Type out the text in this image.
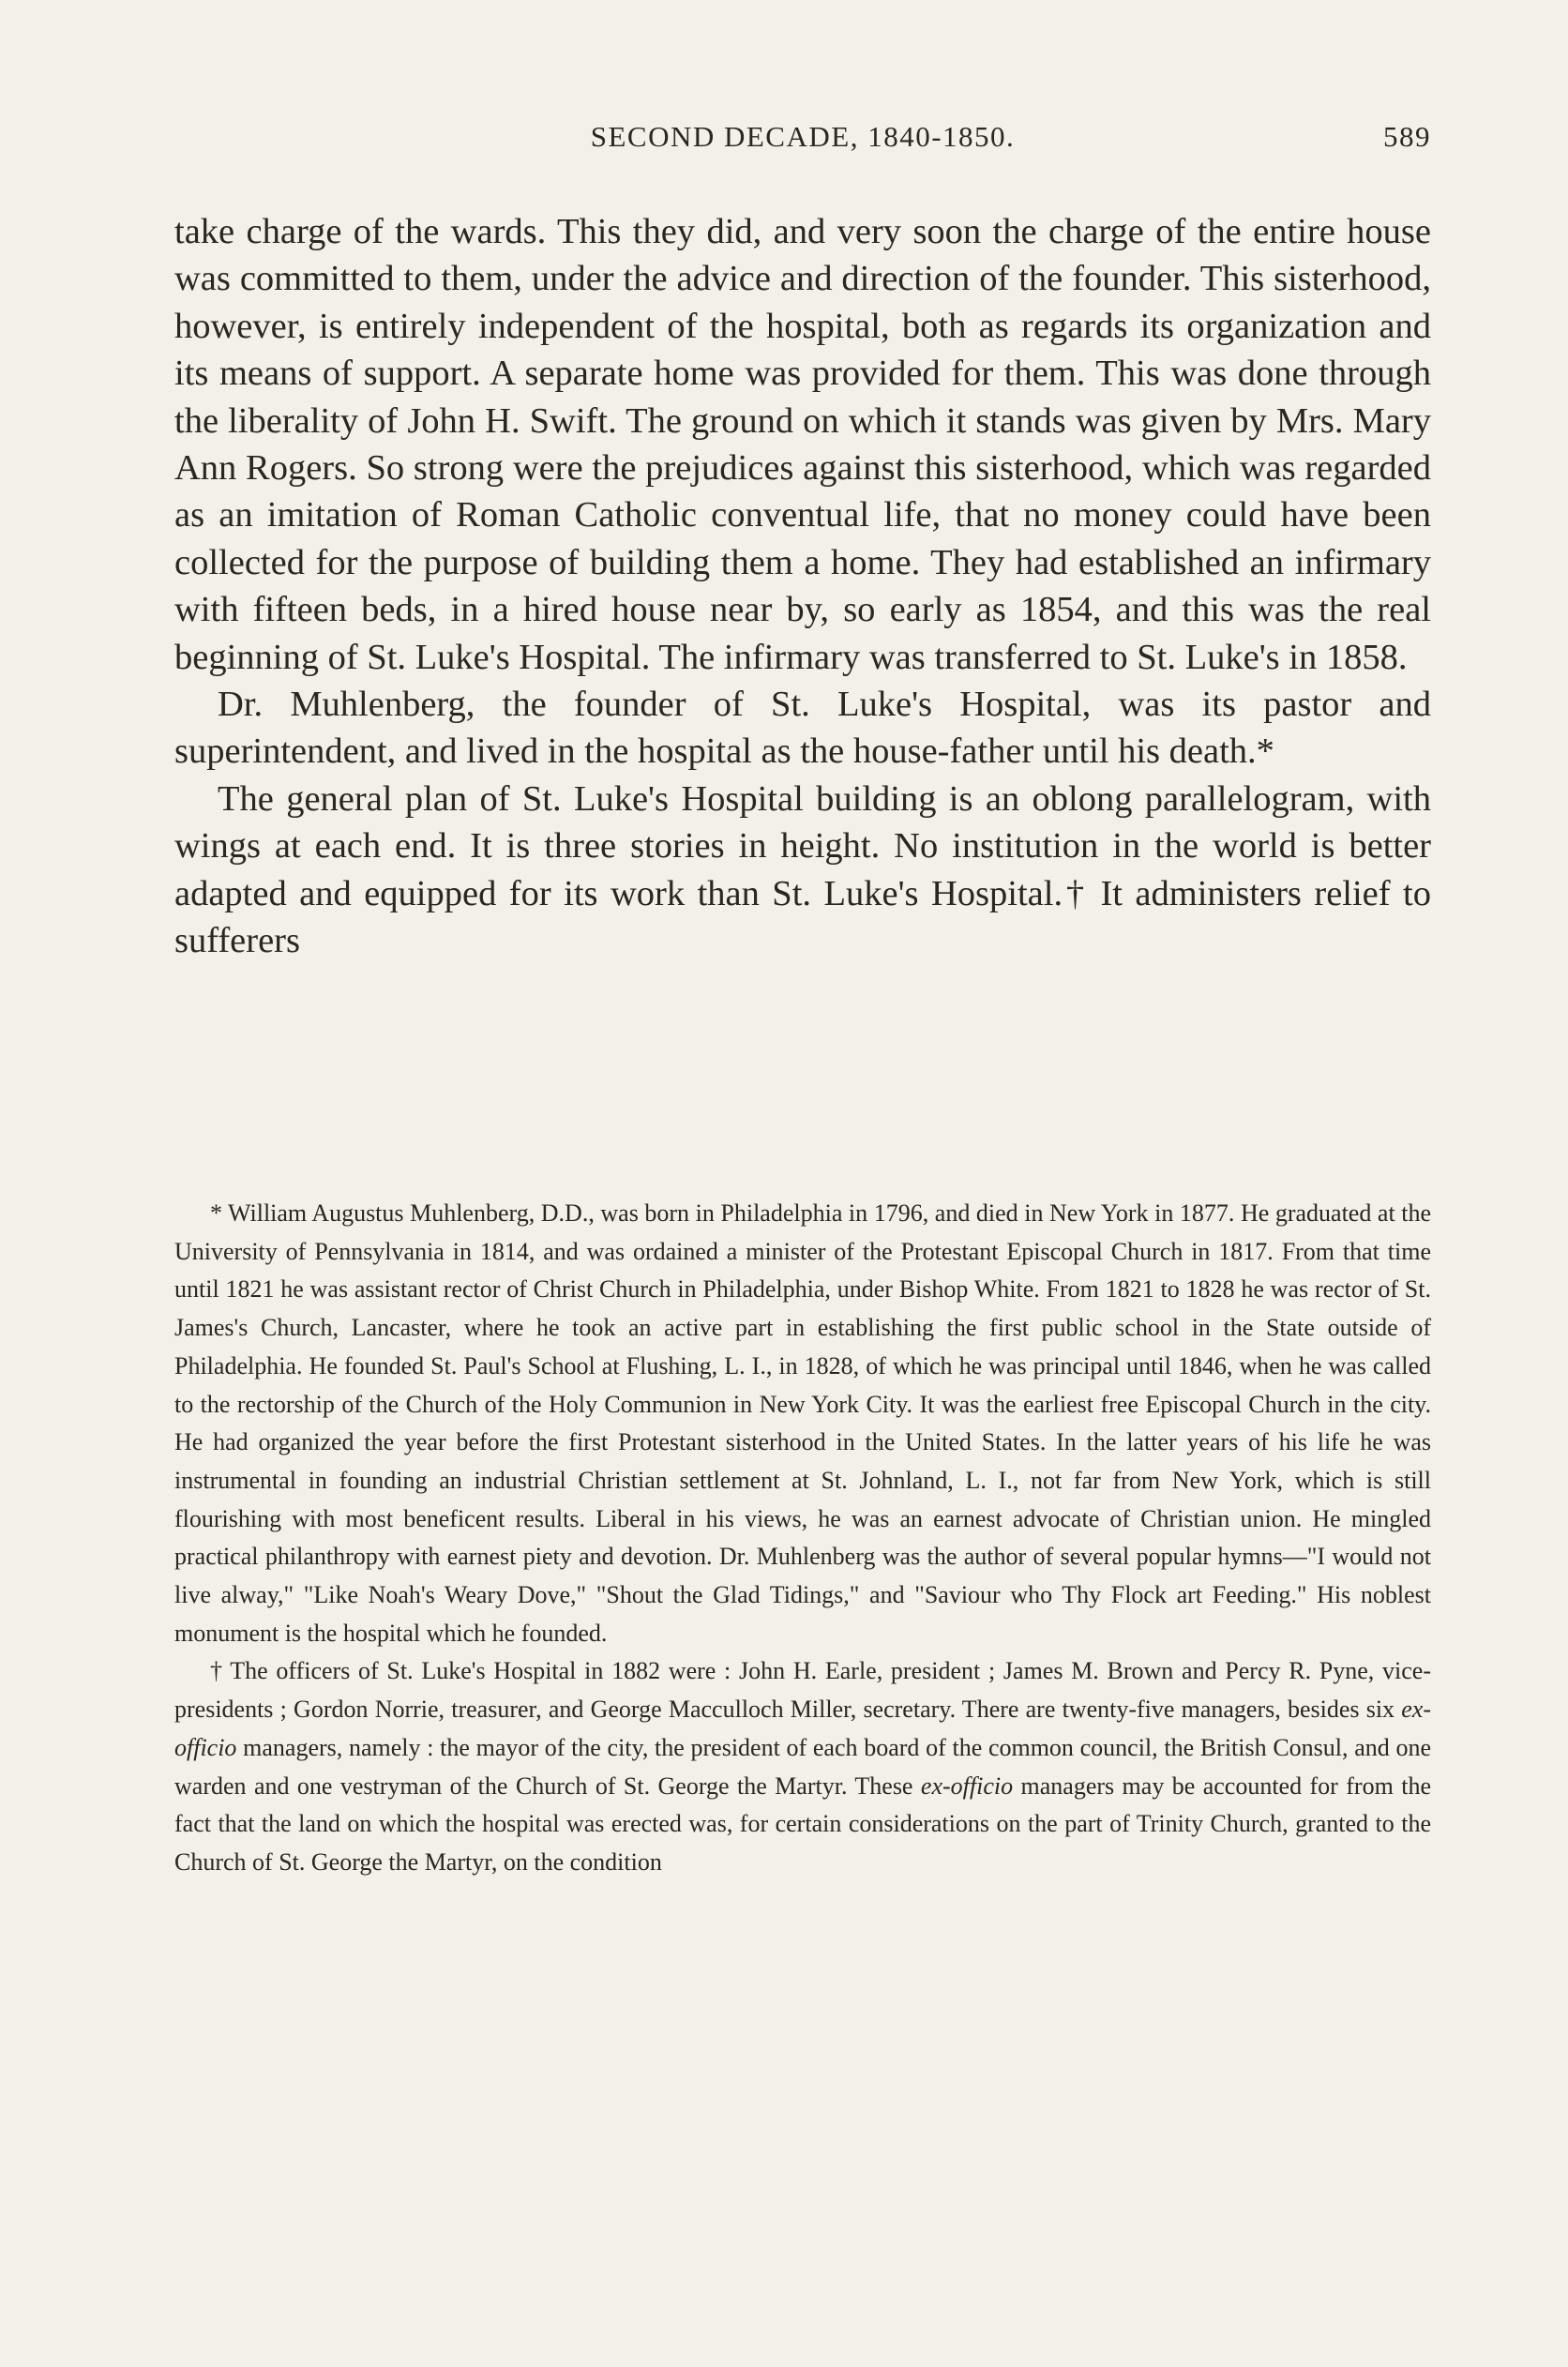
SECOND DECADE, 1840-1850.	589

take charge of the wards. This they did, and very soon the charge of the entire house was committed to them, under the advice and direction of the founder. This sisterhood, however, is entirely independent of the hospital, both as regards its organization and its means of support. A separate home was provided for them. This was done through the liberality of John H. Swift. The ground on which it stands was given by Mrs. Mary Ann Rogers. So strong were the prejudices against this sisterhood, which was regarded as an imitation of Roman Catholic conventual life, that no money could have been collected for the purpose of building them a home. They had established an infirmary with fifteen beds, in a hired house near by, so early as 1854, and this was the real beginning of St. Luke's Hospital. The infirmary was transferred to St. Luke's in 1858.

Dr. Muhlenberg, the founder of St. Luke's Hospital, was its pastor and superintendent, and lived in the hospital as the house-father until his death.*

The general plan of St. Luke's Hospital building is an oblong parallelogram, with wings at each end. It is three stories in height. No institution in the world is better adapted and equipped for its work than St. Luke's Hospital.† It administers relief to sufferers

* William Augustus Muhlenberg, D.D., was born in Philadelphia in 1796, and died in New York in 1877. He graduated at the University of Pennsylvania in 1814, and was ordained a minister of the Protestant Episcopal Church in 1817. From that time until 1821 he was assistant rector of Christ Church in Philadelphia, under Bishop White. From 1821 to 1828 he was rector of St. James's Church, Lancaster, where he took an active part in establishing the first public school in the State outside of Philadelphia. He founded St. Paul's School at Flushing, L. I., in 1828, of which he was principal until 1846, when he was called to the rectorship of the Church of the Holy Communion in New York City. It was the earliest free Episcopal Church in the city. He had organized the year before the first Protestant sisterhood in the United States. In the latter years of his life he was instrumental in founding an industrial Christian settlement at St. Johnland, L. I., not far from New York, which is still flourishing with most beneficent results. Liberal in his views, he was an earnest advocate of Christian union. He mingled practical philanthropy with earnest piety and devotion. Dr. Muhlenberg was the author of several popular hymns—"I would not live alway," "Like Noah's Weary Dove," "Shout the Glad Tidings," and "Saviour who Thy Flock art Feeding." His noblest monument is the hospital which he founded.

† The officers of St. Luke's Hospital in 1882 were : John H. Earle, president ; James M. Brown and Percy R. Pyne, vice-presidents ; Gordon Norrie, treasurer, and George Macculloch Miller, secretary. There are twenty-five managers, besides six ex-officio managers, namely : the mayor of the city, the president of each board of the common council, the British Consul, and one warden and one vestryman of the Church of St. George the Martyr. These ex-officio managers may be accounted for from the fact that the land on which the hospital was erected was, for certain considerations on the part of Trinity Church, granted to the Church of St. George the Martyr, on the condition
